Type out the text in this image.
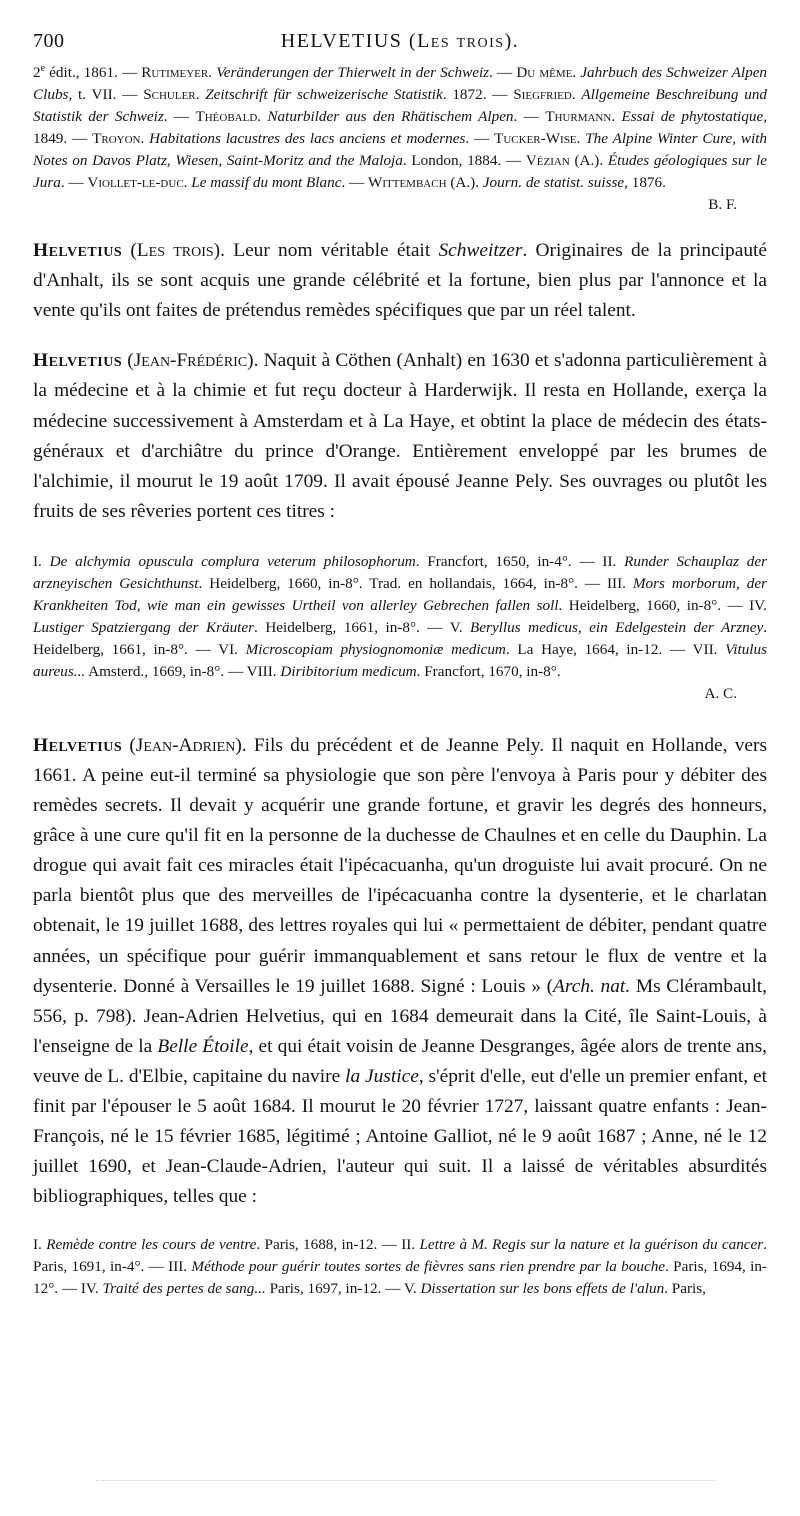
700	HELVETIUS (Les trois).

2e édit., 1861. — Rutimeyer. Veränderungen der Thierwelt in der Schweiz. — Du même. Jahrbuch des Schweizer Alpen Clubs, t. VII. — Schuler. Zeitschrift für schweizerische Statistik. 1872. — Siegfried. Allgemeine Beschreibung und Statistik der Schweiz. — Théobald. Naturbilder aus den Rhätischem Alpen. — Thurmann. Essai de phytostatique, 1849. — Troyon. Habitations lacustres des lacs anciens et modernes. — Tucker-Wise. The Alpine Winter Cure, with Notes on Davos Platz, Wiesen, Saint-Moritz and the Maloja. London, 1884. — Vézian (A.). Études géologiques sur le Jura. — Viollet-le-duc. Le massif du mont Blanc. — Wittembach (A.). Journ. de statist. suisse, 1876.

B. F.

Helvetius (Les trois). Leur nom véritable était Schweitzer. Originaires de la principauté d'Anhalt, ils se sont acquis une grande célébrité et la fortune, bien plus par l'annonce et la vente qu'ils ont faites de prétendus remèdes spécifiques que par un réel talent.

Helvetius (Jean-Frédéric). Naquit à Cöthen (Anhalt) en 1630 et s'adonna particulièrement à la médecine et à la chimie et fut reçu docteur à Harderwijk. Il resta en Hollande, exerça la médecine successivement à Amsterdam et à La Haye, et obtint la place de médecin des états-généraux et d'archiâtre du prince d'Orange. Entièrement enveloppé par les brumes de l'alchimie, il mourut le 19 août 1709. Il avait épousé Jeanne Pely. Ses ouvrages ou plutôt les fruits de ses rêveries portent ces titres :

I. De alchymia opuscula complura veterum philosophorum. Francfort, 1650, in-4°. — II. Runder Schauplaz der arzneyischen Gesichthunst. Heidelberg, 1660, in-8°. Trad. en hollandais, 1664, in-8°. — III. Mors morborum, der Krankheiten Tod, wie man ein gewisses Urtheil von allerley Gebrechen fallen soll. Heidelberg, 1660, in-8°. — IV. Lustiger Spatziergang der Kräuter. Heidelberg, 1661, in-8°. — V. Beryllus medicus, ein Edelgestein der Arzney. Heidelberg, 1661, in-8°. — VI. Microscopiam physiognomoniæ medicum. La Haye, 1664, in-12. — VII. Vitulus aureus... Amsterd., 1669, in-8°. — VIII. Diribitorium medicum. Francfort, 1670, in-8°.

A. C.

Helvetius (Jean-Adrien). Fils du précédent et de Jeanne Pely. Il naquit en Hollande, vers 1661. A peine eut-il terminé sa physiologie que son père l'envoya à Paris pour y débiter des remèdes secrets. Il devait y acquérir une grande fortune, et gravir les degrés des honneurs, grâce à une cure qu'il fit en la personne de la duchesse de Chaulnes et en celle du Dauphin. La drogue qui avait fait ces miracles était l'ipécacuanha, qu'un droguiste lui avait procuré. On ne parla bientôt plus que des merveilles de l'ipécacuanha contre la dysenterie, et le charlatan obtenait, le 19 juillet 1688, des lettres royales qui lui « permettaient de débiter, pendant quatre années, un spécifique pour guérir immanquablement et sans retour le flux de ventre et la dysenterie. Donné à Versailles le 19 juillet 1688. Signé : Louis » (Arch. nat. Ms Clérambault, 556, p. 798). Jean-Adrien Helvetius, qui en 1684 demeurait dans la Cité, île Saint-Louis, à l'enseigne de la Belle Étoile, et qui était voisin de Jeanne Desgranges, âgée alors de trente ans, veuve de L. d'Elbie, capitaine du navire la Justice, s'éprit d'elle, eut d'elle un premier enfant, et finit par l'épouser le 5 août 1684. Il mourut le 20 février 1727, laissant quatre enfants : Jean-François, né le 15 février 1685, légitimé ; Antoine Galliot, né le 9 août 1687 ; Anne, né le 12 juillet 1690, et Jean-Claude-Adrien, l'auteur qui suit. Il a laissé de véritables absurdités bibliographiques, telles que :

I. Remède contre les cours de ventre. Paris, 1688, in-12. — II. Lettre à M. Regis sur la nature et la guérison du cancer. Paris, 1691, in-4°. — III. Méthode pour guérir toutes sortes de fièvres sans rien prendre par la bouche. Paris, 1694, in-12°. — IV. Traité des pertes de sang... Paris, 1697, in-12. — V. Dissertation sur les bons effets de l'alun. Paris,
